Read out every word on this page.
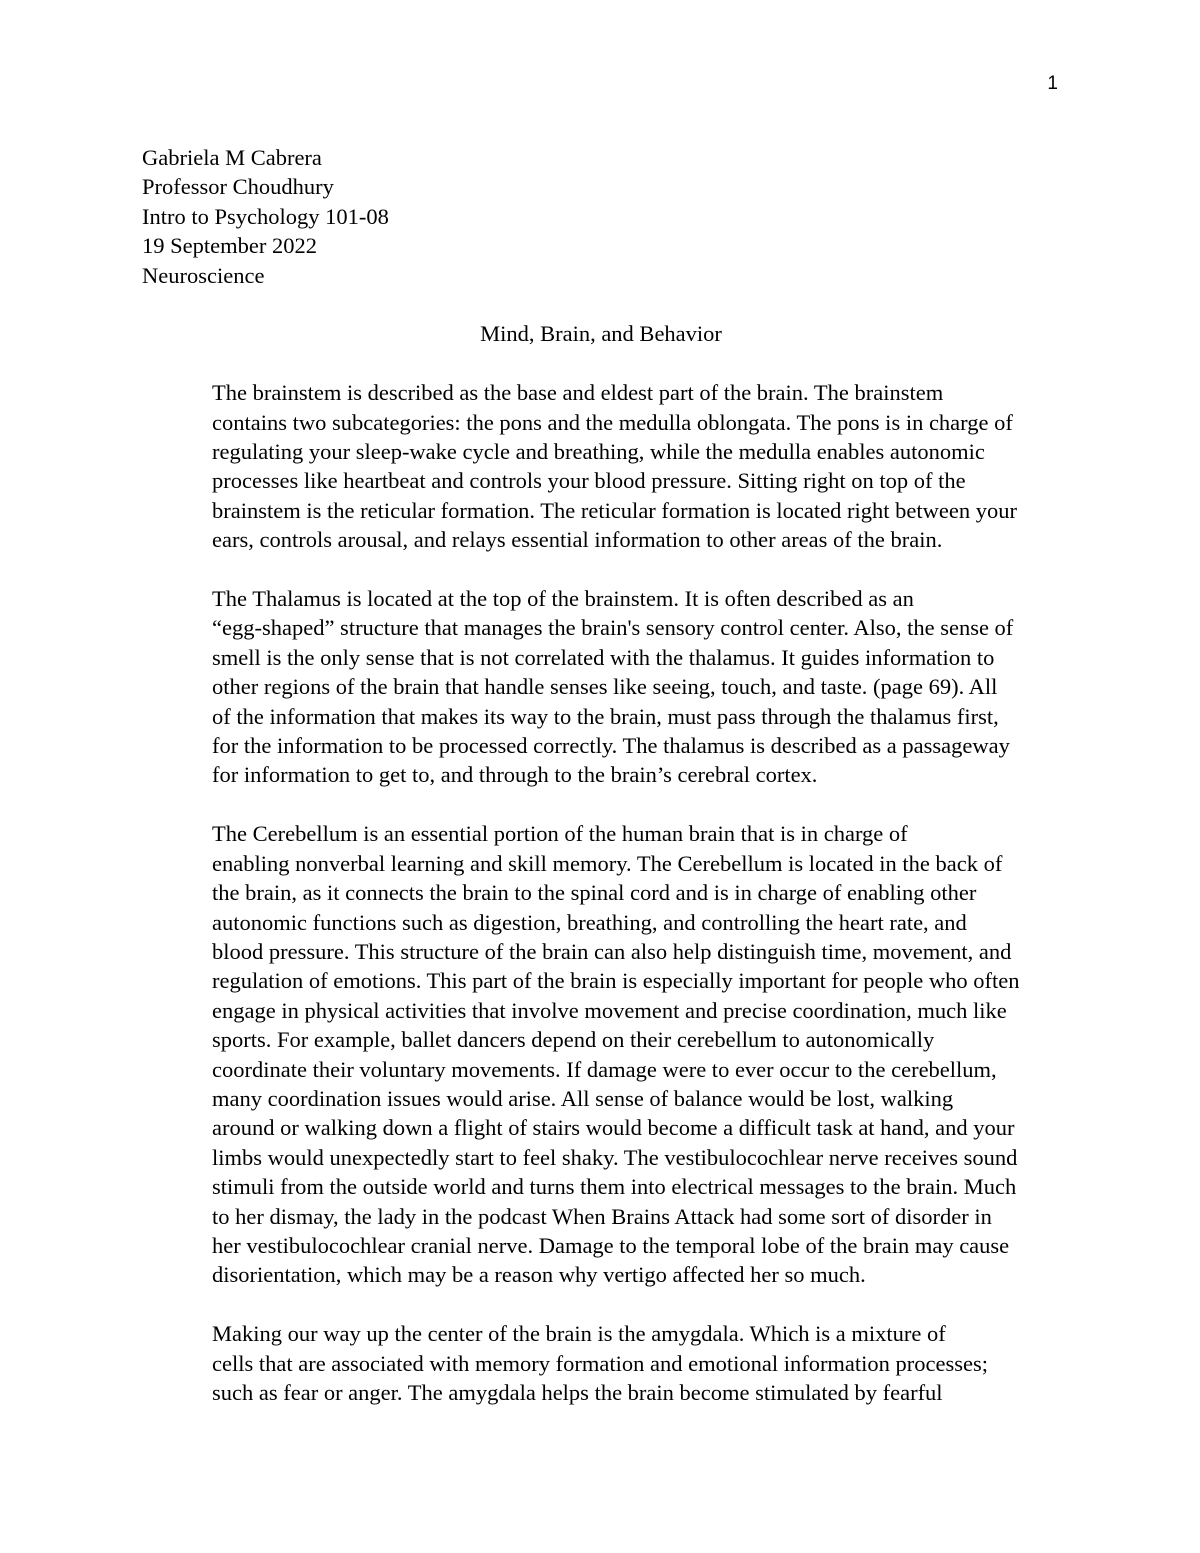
1

Gabriela M Cabrera

Professor Choudhury

Intro to Psychology 101-08

19 September 2022

Neuroscience

Mind, Brain, and Behavior

The brainstem is described as the base and eldest part of the brain. The brainstem
contains two subcategories: the pons and the medulla oblongata. The pons is in charge of
regulating your sleep-wake cycle and breathing, while the medulla enables autonomic
processes like heartbeat and controls your blood pressure. Sitting right on top of the
brainstem is the reticular formation. The reticular formation is located right between your
ears, controls arousal, and relays essential information to other areas of the brain.

The Thalamus is located at the top of the brainstem. It is often described as an
“egg-shaped” structure that manages the brain's sensory control center. Also, the sense of
smell is the only sense that is not correlated with the thalamus. It guides information to
other regions of the brain that handle senses like seeing, touch, and taste. (page 69). All
of the information that makes its way to the brain, must pass through the thalamus first,
for the information to be processed correctly. The thalamus is described as a passageway
for information to get to, and through to the brain’s cerebral cortex.

The Cerebellum is an essential portion of the human brain that is in charge of
enabling nonverbal learning and skill memory. The Cerebellum is located in the back of
the brain, as it connects the brain to the spinal cord and is in charge of enabling other
autonomic functions such as digestion, breathing, and controlling the heart rate, and
blood pressure. This structure of the brain can also help distinguish time, movement, and
regulation of emotions. This part of the brain is especially important for people who often
engage in physical activities that involve movement and precise coordination, much like
sports. For example, ballet dancers depend on their cerebellum to autonomically
coordinate their voluntary movements. If damage were to ever occur to the cerebellum,
many coordination issues would arise. All sense of balance would be lost, walking
around or walking down a flight of stairs would become a difficult task at hand, and your
limbs would unexpectedly start to feel shaky. The vestibulocochlear nerve receives sound
stimuli from the outside world and turns them into electrical messages to the brain. Much
to her dismay, the lady in the podcast When Brains Attack had some sort of disorder in
her vestibulocochlear cranial nerve. Damage to the temporal lobe of the brain may cause
disorientation, which may be a reason why vertigo affected her so much.

Making our way up the center of the brain is the amygdala. Which is a mixture of
cells that are associated with memory formation and emotional information processes;
such as fear or anger. The amygdala helps the brain become stimulated by fearful
